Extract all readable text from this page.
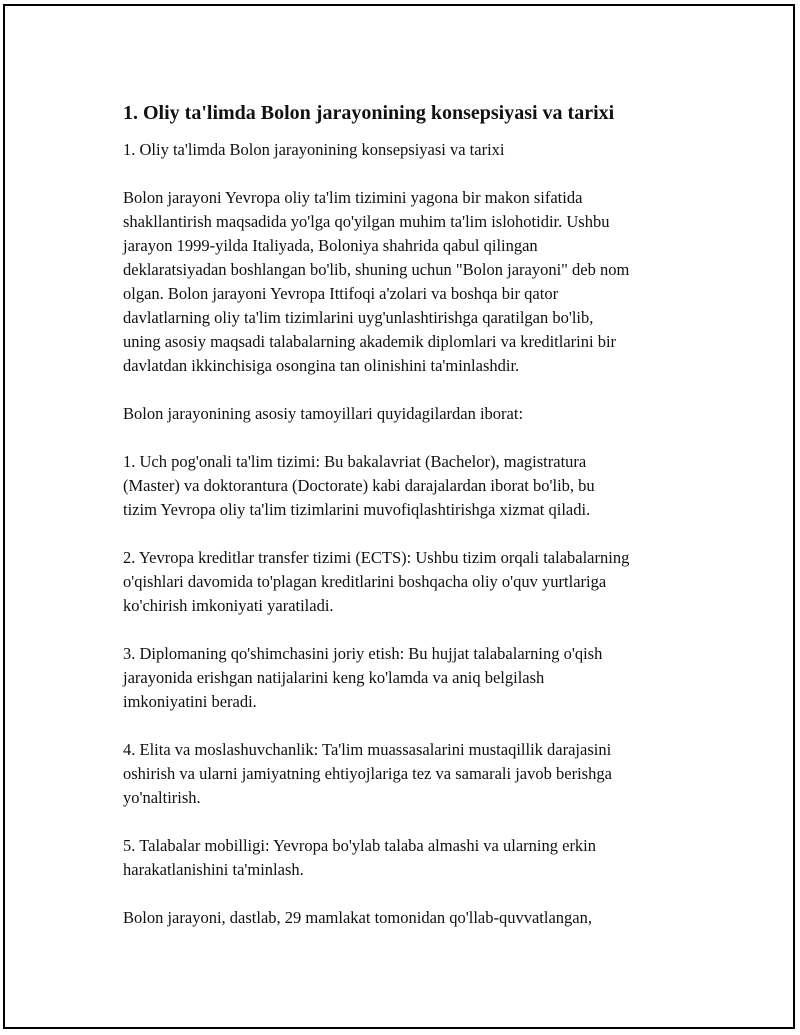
1. Oliy ta'limda Bolon jarayonining konsepsiyasi va tarixi

1. Oliy ta'limda Bolon jarayonining konsepsiyasi va tarixi

Bolon jarayoni Yevropa oliy ta'lim tizimini yagona bir makon sifatida
shakllantirish maqsadida yo'lga qo'yilgan muhim ta'lim islohotidir. Ushbu
jarayon 1999-yilda Italiyada, Boloniya shahrida qabul qilingan
deklaratsiyadan boshlangan bo'lib, shuning uchun "Bolon jarayoni" deb nom
olgan. Bolon jarayoni Yevropa Ittifoqi a'zolari va boshqa bir qator
davlatlarning oliy ta'lim tizimlarini uyg'unlashtirishga qaratilgan bo'lib,
uning asosiy maqsadi talabalarning akademik diplomlari va kreditlarini bir
davlatdan ikkinchisiga osongina tan olinishini ta'minlashdir.

Bolon jarayonining asosiy tamoyillari quyidagilardan iborat:

1. Uch pog'onali ta'lim tizimi: Bu bakalavriat (Bachelor), magistratura
(Master) va doktorantura (Doctorate) kabi darajalardan iborat bo'lib, bu
tizim Yevropa oliy ta'lim tizimlarini muvofiqlashtirishga xizmat qiladi.

2. Yevropa kreditlar transfer tizimi (ECTS): Ushbu tizim orqali talabalarning
o'qishlari davomida to'plagan kreditlarini boshqacha oliy o'quv yurtlariga
ko'chirish imkoniyati yaratiladi.

3. Diplomaning qo'shimchasini joriy etish: Bu hujjat talabalarning o'qish
jarayonida erishgan natijalarini keng ko'lamda va aniq belgilash
imkoniyatini beradi.

4. Elita va moslashuvchanlik: Ta'lim muassasalarini mustaqillik darajasini
oshirish va ularni jamiyatning ehtiyojlariga tez va samarali javob berishga
yo'naltirish.

5. Talabalar mobilligi: Yevropa bo'ylab talaba almashi va ularning erkin
harakatlanishini ta'minlash.

Bolon jarayoni, dastlab, 29 mamlakat tomonidan qo'llab-quvvatlangan,
